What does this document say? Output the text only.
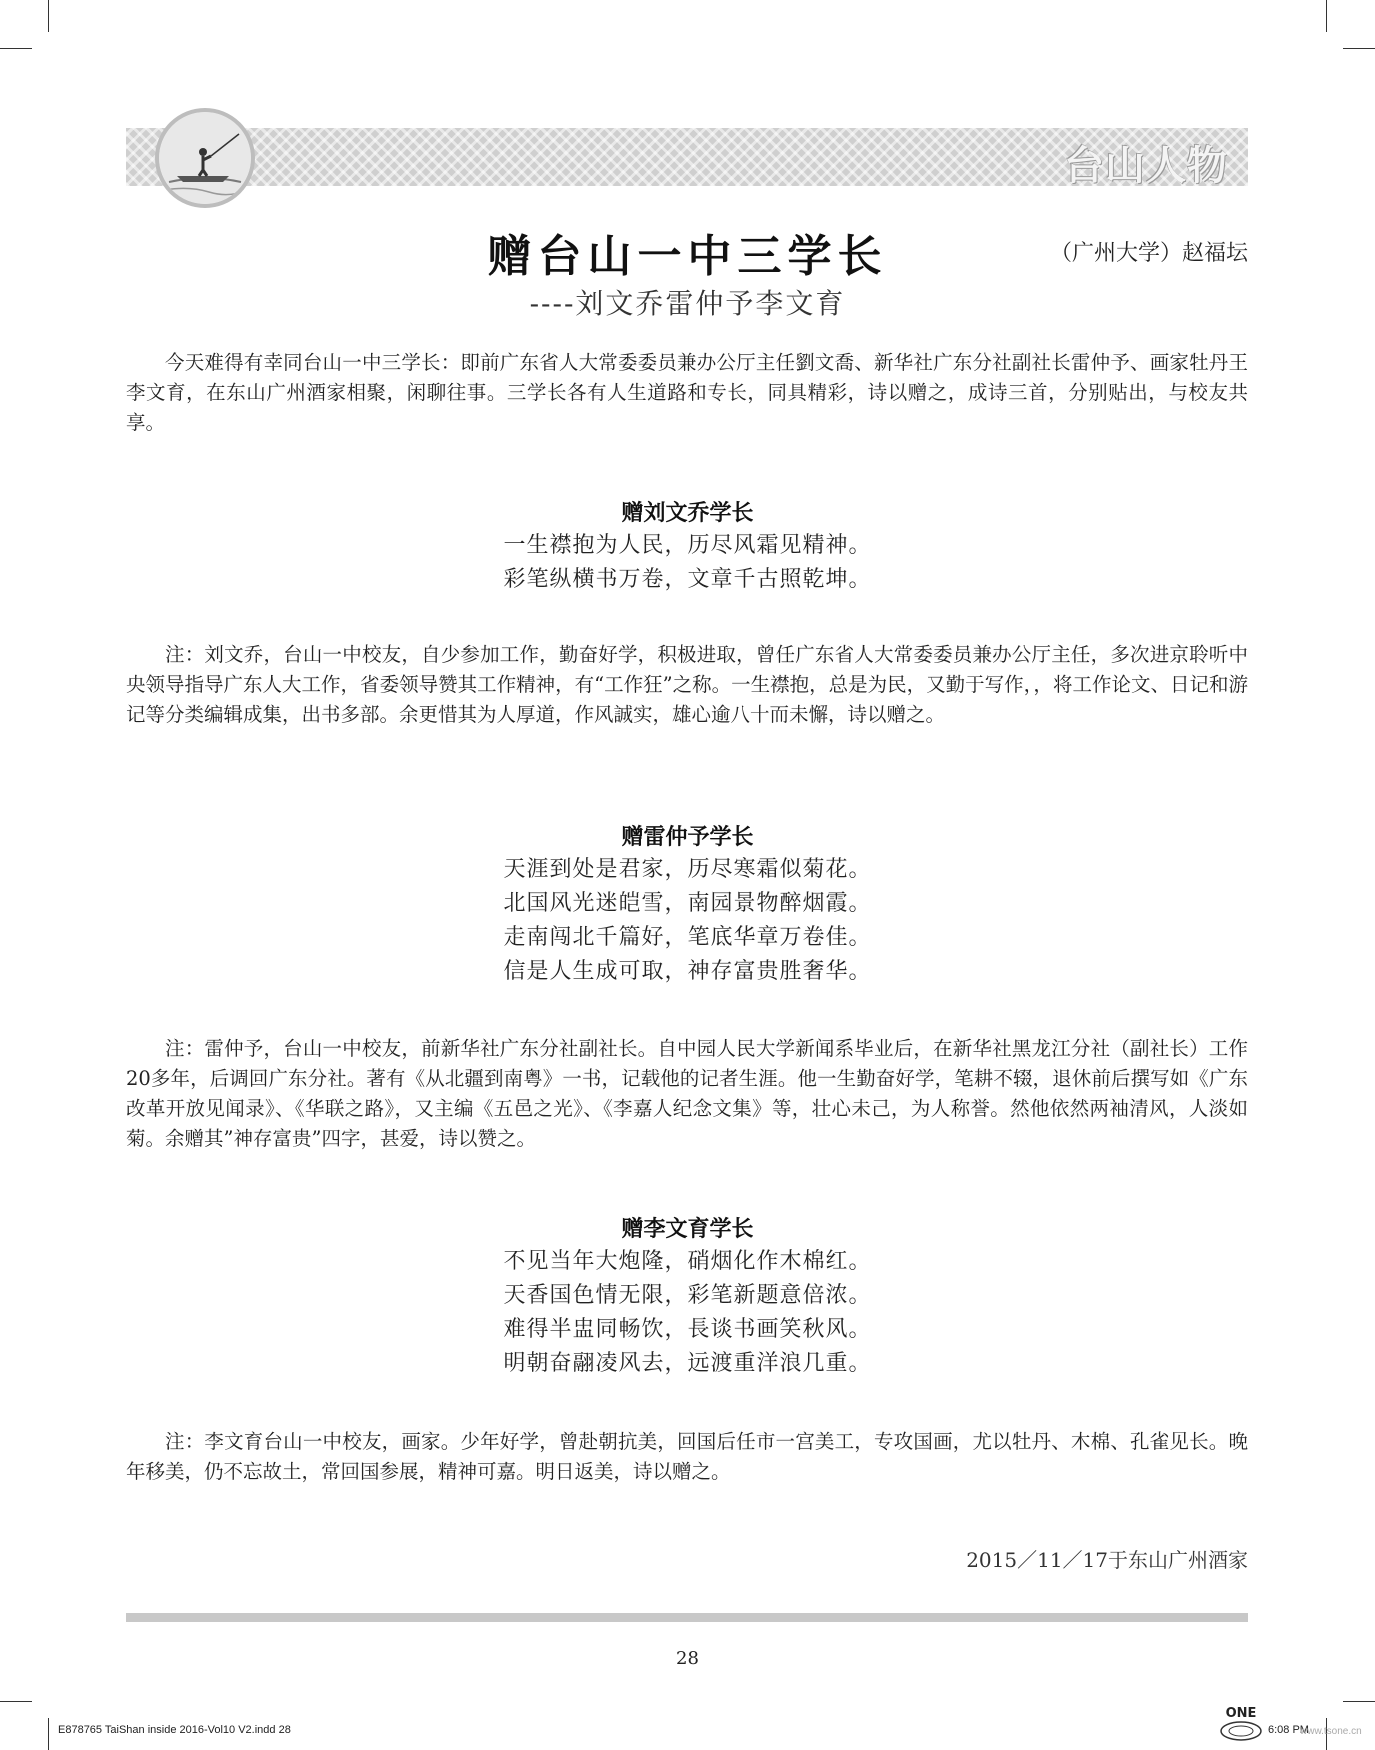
台山人物
赠台山一中三学长	（广州大学）赵福坛
----刘文乔雷仲予李文育

今天难得有幸同台山一中三学长：即前广东省人大常委委员兼办公厅主任劉文喬、新华社广东分社副社长雷仲予、画家牡丹王李文育，在东山广州酒家相聚，闲聊往事。三学长各有人生道路和专长，同具精彩，诗以赠之，成诗三首，分别贴出，与校友共享。

赠刘文乔学长
一生襟抱为人民，历尽风霜见精神。
彩笔纵横书万卷，文章千古照乾坤。

注：刘文乔，台山一中校友，自少参加工作，勤奋好学，积极进取，曾任广东省人大常委委员兼办公厅主任，多次进京聆听中央领导指导广东人大工作，省委领导赞其工作精神，有“工作狂”之称。一生襟抱，总是为民，又勤于写作，，将工作论文、日记和游记等分类编辑成集，出书多部。余更惜其为人厚道，作风誠实，雄心逾八十而未懈，诗以赠之。

赠雷仲予学长
天涯到处是君家，历尽寒霜似菊花。
北国风光迷皑雪，南园景物醉烟霞。
走南闯北千篇好，笔底华章万卷佳。
信是人生成可取，神存富贵胜奢华。

注：雷仲予，台山一中校友，前新华社广东分社副社长。自中园人民大学新闻系毕业后，在新华社黑龙江分社（副社长）工作20多年，后调回广东分社。著有《从北疆到南粤》一书，记载他的记者生涯。他一生勤奋好学，笔耕不辍，退休前后撰写如《广东改革开放见闻录》、《华联之路》，又主编《五邑之光》、《李嘉人纪念文集》等，壮心未己，为人称誉。然他依然两袖清风，人淡如菊。余赠其”神存富贵”四字，甚爱，诗以赞之。

赠李文育学长
不见当年大炮隆，硝烟化作木棉红。
天香国色情无限，彩笔新题意倍浓。
难得半盅同畅饮，長谈书画笑秋风。
明朝奋翮凌风去，远渡重洋浪几重。

注：李文育台山一中校友，画家。少年好学，曾赴朝抗美，回国后任市一宫美工，专攻国画，尤以牡丹、木棉、孔雀见长。晚年移美，仍不忘故土，常回国参展，精神可嘉。明日返美，诗以赠之。

2015／11／17于东山广州酒家
28
E878765 TaiShan inside 2016-Vol10 V2.indd 28
ONE
6:08 PM
www.tsone.cn
